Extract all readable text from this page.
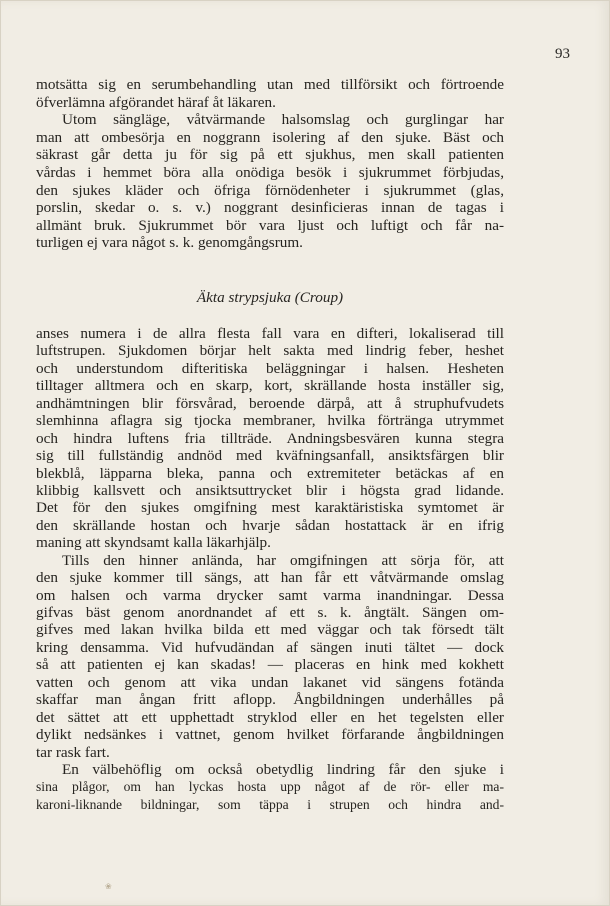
93
motsätta sig en serumbehandling utan med tillförsikt och förtroende
öfverlämna afgörandet häraf åt läkaren.
Utom sängläge, våtvärmande halsomslag och gurglingar har
man att ombesörja en noggrann isolering af den sjuke. Bäst och
säkrast går detta ju för sig på ett sjukhus, men skall patienten
vårdas i hemmet böra alla onödiga besök i sjukrummet förbjudas,
den sjukes kläder och öfriga förnödenheter i sjukrummet (glas,
porslin, skedar o. s. v.) noggrant desinficieras innan de tagas i
allmänt bruk. Sjukrummet bör vara ljust och luftigt och får na-
turligen ej vara något s. k. genomgångsrum.
Äkta strypsjuka (Croup)
anses numera i de allra flesta fall vara en difteri, lokaliserad till
luftstrupen. Sjukdomen börjar helt sakta med lindrig feber, heshet
och understundom difteritiska beläggningar i halsen. Hesheten
tilltager alltmera och en skarp, kort, skrällande hosta inställer sig,
andhämtningen blir försvårad, beroende därpå, att å struphufvudets
slemhinna aflagra sig tjocka membraner, hvilka förtränga utrymmet
och hindra luftens fria tillträde. Andningsbesvären kunna stegra
sig till fullständig andnöd med kväfningsanfall, ansiktsfärgen blir
blekblå, läpparna bleka, panna och extremiteter betäckas af en
klibbig kallsvett och ansiktsuttrycket blir i högsta grad lidande.
Det för den sjukes omgifning mest karaktäristiska symtomet är
den skrällande hostan och hvarje sådan hostattack är en ifrig
maning att skyndsamt kalla läkarhjälp.
Tills den hinner anlända, har omgifningen att sörja för, att
den sjuke kommer till sängs, att han får ett våtvärmande omslag
om halsen och varma drycker samt varma inandningar. Dessa
gifvas bäst genom anordnandet af ett s. k. ångtält. Sängen om-
gifves med lakan hvilka bilda ett med väggar och tak försedt tält
kring densamma. Vid hufvudändan af sängen inuti tältet — dock
så att patienten ej kan skadas! — placeras en hink med kokhett
vatten och genom att vika undan lakanet vid sängens fotända
skaffar man ångan fritt aflopp. Ångbildningen underhålles på
det sättet att ett upphettadt stryklod eller en het tegelsten eller
dylikt nedsänkes i vattnet, genom hvilket förfarande ångbildningen
tar rask fart.
En välbehöflig om också obetydlig lindring får den sjuke i
sina plågor, om han lyckas hosta upp något af de rör- eller ma-
karoni-liknande bildningar, som täppa i strupen och hindra and-
❀
